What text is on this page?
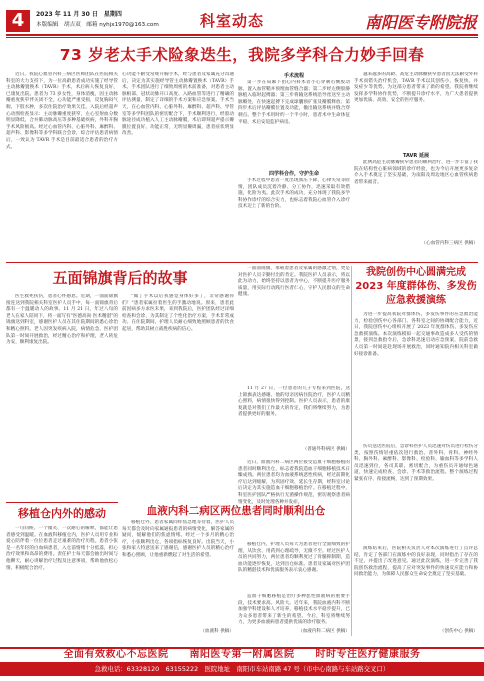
4	2023 年 11 月 30 日　星期四
本版编辑　胡吉双　邮箱 nyhjx1970@163.com	科室动态	南阳医专附院报
73 岁老太手术险象迭生，我院多学科合力妙手回春
近日，我院心血管内科三病区医师团队在医院相关科室的大力支持下，为一位高龄患者成功实施了经导管主动脉瓣置换术（TAVR）手术，术后病人恢复良好，已康复出院。患者为 73 岁女性，身体消瘦，因主动脉瓣重度狭窄伴关闭不全，心功能严重受损，反复胸闷气喘、下肢水肿，多次住院治疗效果欠佳。入院后经超声心动图检查显示：主动脉瓣重度狭窄，左心室射血分数明显降低，合并肺动脉高压等多种基础疾病，外科开胸手术风险极高。经过心血管内科、心脏外科、麻醉科、超声科、影像科等多学科联合会诊，综合评估患者病情后，一致认为 TAVR 手术是目前最适合患者的治疗方式。
心功能不耐受常规开胸手术，经与患者及家属充分沟通后，决定为其实施经导管主动脉瓣置换术（TAVR）手术。手术团队进行了细致周密的术前准备，对患者主动脉根部、冠状动脉开口高度、入路血管等进行了精确的评估测量，制定了详细的手术方案和应急预案。手术当天，在心血管内科、心脏外科、麻醉科、超声科、导管室等多学科团队的密切配合下，手术顺利进行，经股动脉途径成功植入人工主动脉瓣膜，术后即刻超声提示瓣膜位置良好、功能正常，无明显瓣周漏，患者症状明显改善。
手术流程
第一步在局麻下由心内科术者小心穿刺右侧股动脉，置入血管鞘并预埋血管缝合器；第二步经左侧股静脉植入临时起搏器；第三步将输送系统沿导丝送至主动脉瓣处，在快速起搏下完成球囊预扩张及瓣膜释放；第四步术后评估瓣膜位置及功能，撤出输送系统并缝合穿刺点。整个手术用时约一个半小时，患者术中生命体征平稳，术后安返监护病房。
四学科合作，守护生命
手术过程中患者一度出现血压下降、心律失常等险情，团队成员沉着冷静、分工协作，迅速采取有效措施，化险为夷。此次手术的成功，充分体现了我院多学科协作诊疗的综合实力，也标志着我院心血管介入诊疗技术迈上了新的台阶。
越来越多的高龄、高危主动脉瓣狭窄患者因无法耐受外科手术而错失治疗机会，TAVR 手术以其创伤小、恢复快、并发症少等优势，为这部分患者带来了新的希望。我院将继续发挥多学科协作优势，不断提升诊疗水平，为广大患者提供更加优质、高效、安全的医疗服务。
TAVR 延展
此例高危主动脉瓣狭窄患者的顺利治疗，进一步丰富了我院在结构性心脏病领域的诊疗经验，也为今后开展更多复杂介入手术奠定了坚实基础，为南阳及周边地区心血管疾病患者带来福音。
（心血管内科三病区 供稿）
五面锦旗背后的故事
医生救死扶伤，患者心怀感恩。近期，一面面锦旗接连送到我院相关科室医护人员手中，每一面锦旗背后都有一个温暖动人的故事。11 月 21 日，年过八旬的老人在家人陪同下，将一面写有"医德高尚 医术精湛"的锦旗送到科室，感谢医护人员在其住院期间的悉心诊治和精心照料。老人因突发疾病入院，病情危急，医护团队第一时间开展救治，经过精心治疗和护理，老人转危为安，顺利康复出院。
"做了手术以后我感觉身体好多了，非常感谢你们！"患者家属拉着医生的手激动地说。原来，患者此前因病多方求医未果，来到我院后，医护团队经过详细检查和会诊，为其制定了个性化治疗方案，手术非常成功。在住院期间，护理人员耐心细致地照顾患者的饮食起居，帮助其树立战胜疾病的信心。
一面面锦旗，承载着患者及家属的感激之情，更是对医护人员辛勤付出的肯定。我院医护人员表示，将以此为动力，始终坚持以患者为中心，不断提升医疗服务质量，用实际行动践行医者仁心，守护人民群众的生命健康。
11 月 27 日，一位患者的儿子专程来到医院，送上锦旗表达感谢。他的母亲因病住院治疗，医护人员精心照料，病情很快得到控制。医护人员表示，患者的康复就是对我们工作最大的肯定，我们将继续努力，为患者提供更好的服务。
（普通外科病区 供稿）
我院创伤中心圆满完成 2023 年度群体伤、多发伤应急救援演练
为进一步提高我院对群体伤、多发伤事件的应急救治能力，检验创伤中心各部门、各科室之间的协调配合能力，近日，我院创伤中心组织开展了 2023 年度群体伤、多发伤应急救援演练。本次演练模拟一起交通事故造成多人受伤的情景，接到急救指令后，急诊科迅速启动应急预案，院前急救人员第一时间赶赴现场开展救治，同时通知院内相关科室做好接诊准备。
伤员送达医院后，急诊科医护人员迅速对伤员进行检伤分类，按照伤情轻重依次进行救治。普外科、骨科、神经外科、胸外科、麻醉科、影像科、检验科、输血科等多学科人员迅速到位，各司其职、密切配合，为重伤员开通绿色通道，快速完成检查、会诊、手术等救治流程。整个演练过程紧张有序、衔接流畅，达到了预期效果。
演练结束后，医院相关负责人对本次演练进行了点评总结，肯定了各部门在演练中的良好表现，同时指出了存在的不足，并提出了改进意见。通过此次演练，进一步完善了我院创伤救治流程，提高了应对突发事件的快速反应能力和协同救治能力，为保障人民群众生命安全奠定了坚实基础。
（创伤中心 供稿）
移植仓内外的感动
一句问候、一个微笑、一次耐心的解释，都能让患者感受到温暖。在血液科移植仓内，医护人员用专业和爱心陪伴着一位位患者走过艰难的治疗历程。患者小张是一名年轻的白血病患者，入仓前情绪十分低落，担心治疗效果和高昂的费用。责任护士每天都会抽出时间与他聊天，耐心讲解治疗过程及注意事项，帮助他放松心情、积极配合治疗。
移植仓外，患者家属同样焦急地等待着。医护人员每天都会及时向家属通报患者的病情变化，解答家属的疑问，缓解他们的焦虑情绪。经过一个多月的精心治疗，小张顺利出仓，各项指标恢复良好。出院当天，小张和家人特意送来了感谢信，感谢医护人员的精心治疗和悉心照顾，让他重新燃起了对生活的希望。
（血液科 供稿）
血液内科二病区两位患者同时顺利出仓
近日，血液内科二病区两位接受造血干细胞移植的患者同时顺利出仓，标志着我院造血干细胞移植技术日臻成熟。两位患者均为血液系统恶性疾病，经过前期化疗后达到缓解，为巩固疗效、延长生存期，经科室讨论后决定为其实施造血干细胞移植治疗。在移植过程中，科室医护团队严格执行无菌操作规范，密切观察患者病情变化，及时处理各种并发症。
移植仓内，护理人员每天为患者进行全面细致的护理，从饮食、用药到心理疏导，无微不至。经过医护人员的共同努力，两位患者均顺利度过了骨髓抑制期，造血功能逐步恢复，达到出仓标准。患者及家属对医护团队的精湛技术和优质服务表示衷心感谢。
造血干细胞移植是治疗多种恶性血液病的重要手段，技术要求高、风险大。近年来，我院血液内科不断加强学科建设和人才培养，移植技术水平稳步提升，已为众多患者带来了新生的希望。今后，科室将继续努力，为更多血液病患者提供优质的诊疗服务。
（血液内科二病区 供稿）
全面有效救心不忘医院　　南阳医专第一附属医院　　时时专注医疗健康服务
急救电话：63328120　63155222　医院地址　南阳市车站南路 47 号（市中心南路与车站路交叉口）
